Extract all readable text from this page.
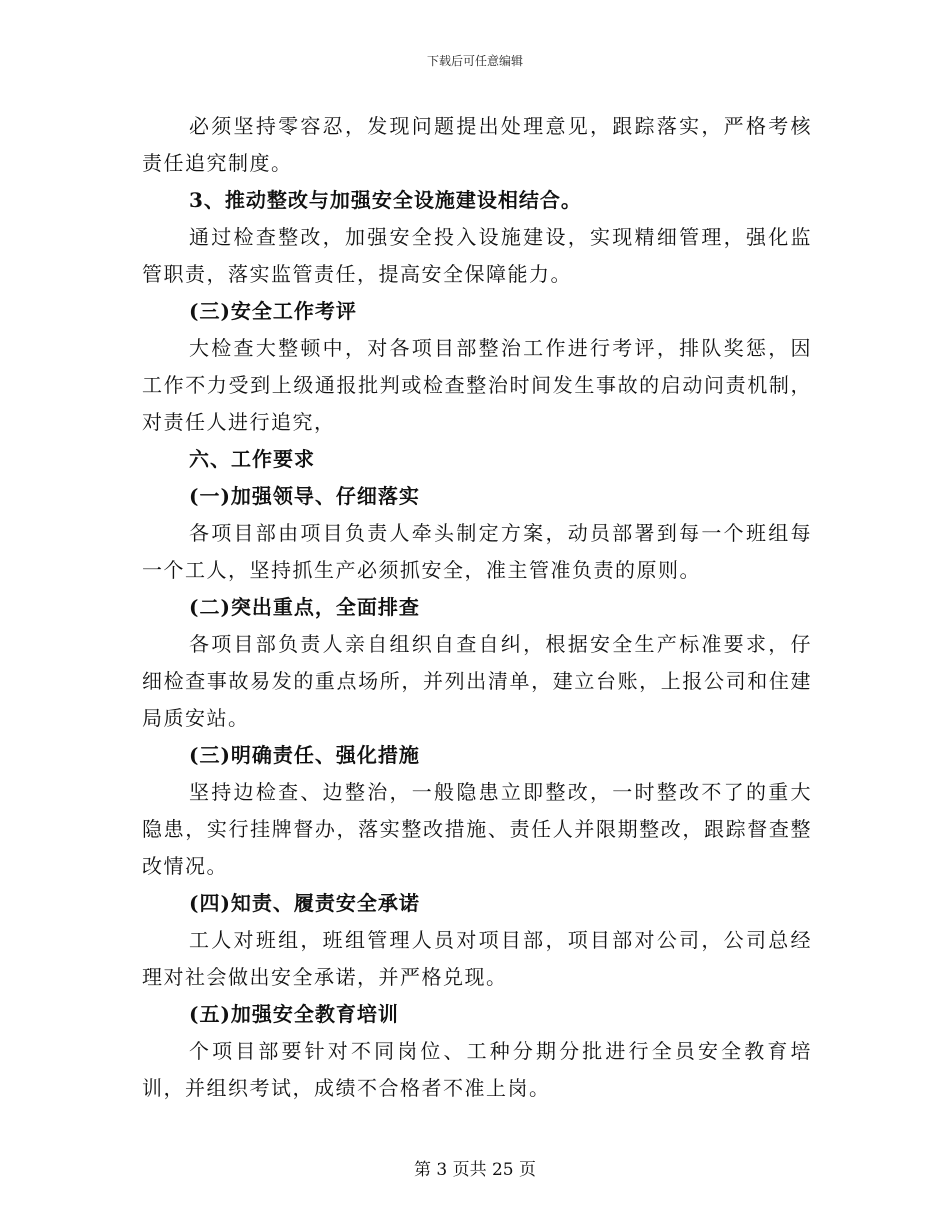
下载后可任意编辑

必须坚持零容忍，发现问题提出处理意见，跟踪落实，严格考核责任追究制度。

3、推动整改与加强安全设施建设相结合。

通过检查整改，加强安全投入设施建设，实现精细管理，强化监管职责，落实监管责任，提高安全保障能力。

(三)安全工作考评

大检查大整顿中，对各项目部整治工作进行考评，排队奖惩，因工作不力受到上级通报批判或检查整治时间发生事故的启动问责机制，对责任人进行追究，

六、工作要求

(一)加强领导、仔细落实

各项目部由项目负责人牵头制定方案，动员部署到每一个班组每一个工人，坚持抓生产必须抓安全，准主管准负责的原则。

(二)突出重点，全面排查

各项目部负责人亲自组织自查自纠，根据安全生产标准要求，仔细检查事故易发的重点场所，并列出清单，建立台账，上报公司和住建局质安站。

(三)明确责任、强化措施

坚持边检查、边整治，一般隐患立即整改，一时整改不了的重大隐患，实行挂牌督办，落实整改措施、责任人并限期整改，跟踪督查整改情况。

(四)知责、履责安全承诺

工人对班组，班组管理人员对项目部，项目部对公司，公司总经理对社会做出安全承诺，并严格兑现。

(五)加强安全教育培训

个项目部要针对不同岗位、工种分期分批进行全员安全教育培训，并组织考试，成绩不合格者不准上岗。

第 3 页共 25 页
